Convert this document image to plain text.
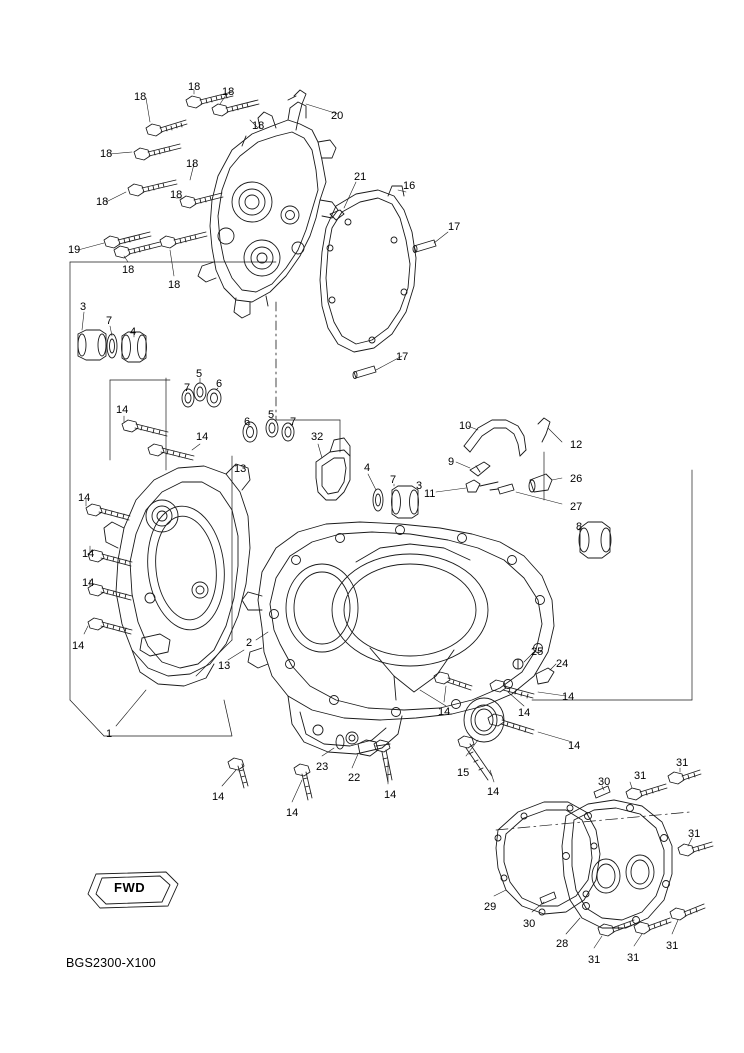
18
18 18
20
18
18
18
21
16
18
18
17
19
18
18
3
7
4
17
7
5
6
10
12
14
6
5
7
32
9
26
14
13	4
7 3
11
27
14
8
14
14
14	2
25
24
13
14
14
14
1
14
15
23
22
31
30 31
14
14
14	14
31
29
30
28
31 31
31
FWD
BGS2300-X100
